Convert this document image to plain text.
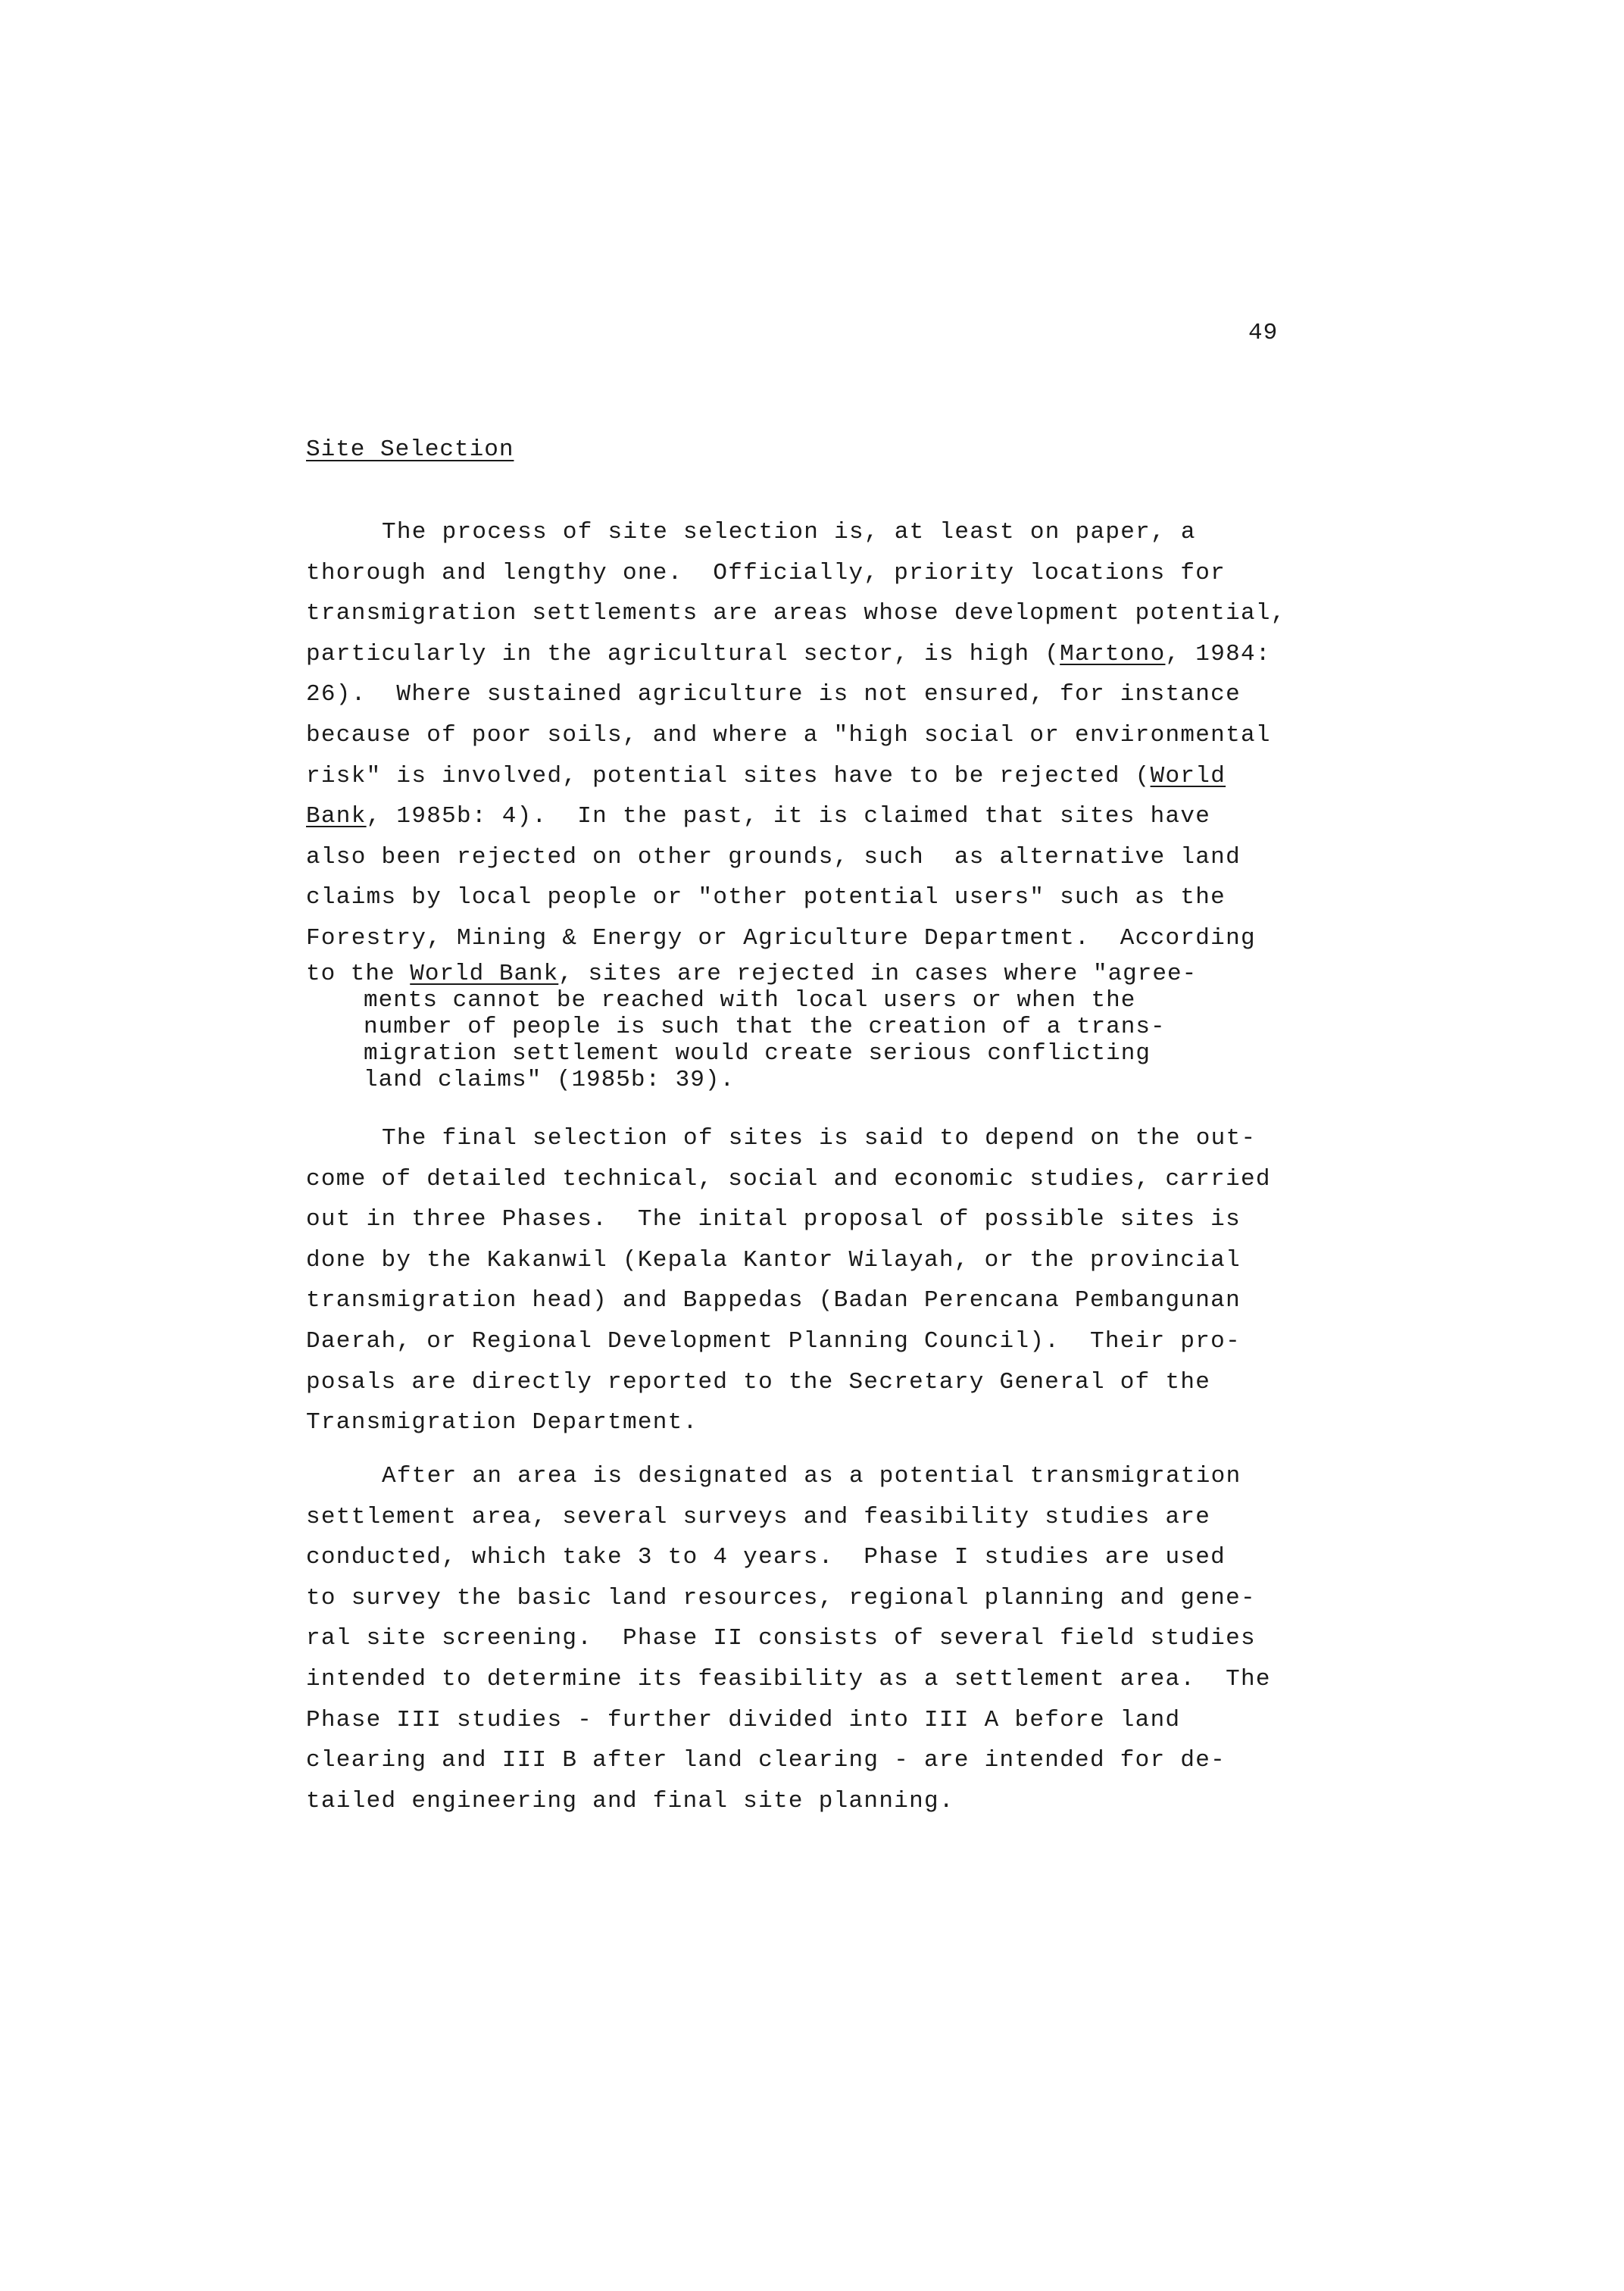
49
Site Selection
The process of site selection is, at least on paper, a
thorough and lengthy one.  Officially, priority locations for
transmigration settlements are areas whose development potential,
particularly in the agricultural sector, is high (Martono, 1984:
26).  Where sustained agriculture is not ensured, for instance
because of poor soils, and where a "high social or environmental
risk" is involved, potential sites have to be rejected (World
Bank, 1985b: 4).  In the past, it is claimed that sites have
also been rejected on other grounds, such  as alternative land
claims by local people or "other potential users" such as the
Forestry, Mining & Energy or Agriculture Department.  According
to the World Bank, sites are rejected in cases where "agree-
ments cannot be reached with local users or when the
number of people is such that the creation of a trans-
migration settlement would create serious conflicting
land claims" (1985b: 39).
The final selection of sites is said to depend on the out-
come of detailed technical, social and economic studies, carried
out in three Phases.  The inital proposal of possible sites is
done by the Kakanwil (Kepala Kantor Wilayah, or the provincial
transmigration head) and Bappedas (Badan Perencana Pembangunan
Daerah, or Regional Development Planning Council).  Their pro-
posals are directly reported to the Secretary General of the
Transmigration Department.
After an area is designated as a potential transmigration
settlement area, several surveys and feasibility studies are
conducted, which take 3 to 4 years.  Phase I studies are used
to survey the basic land resources, regional planning and gene-
ral site screening.  Phase II consists of several field studies
intended to determine its feasibility as a settlement area.  The
Phase III studies - further divided into III A before land
clearing and III B after land clearing - are intended for de-
tailed engineering and final site planning.
